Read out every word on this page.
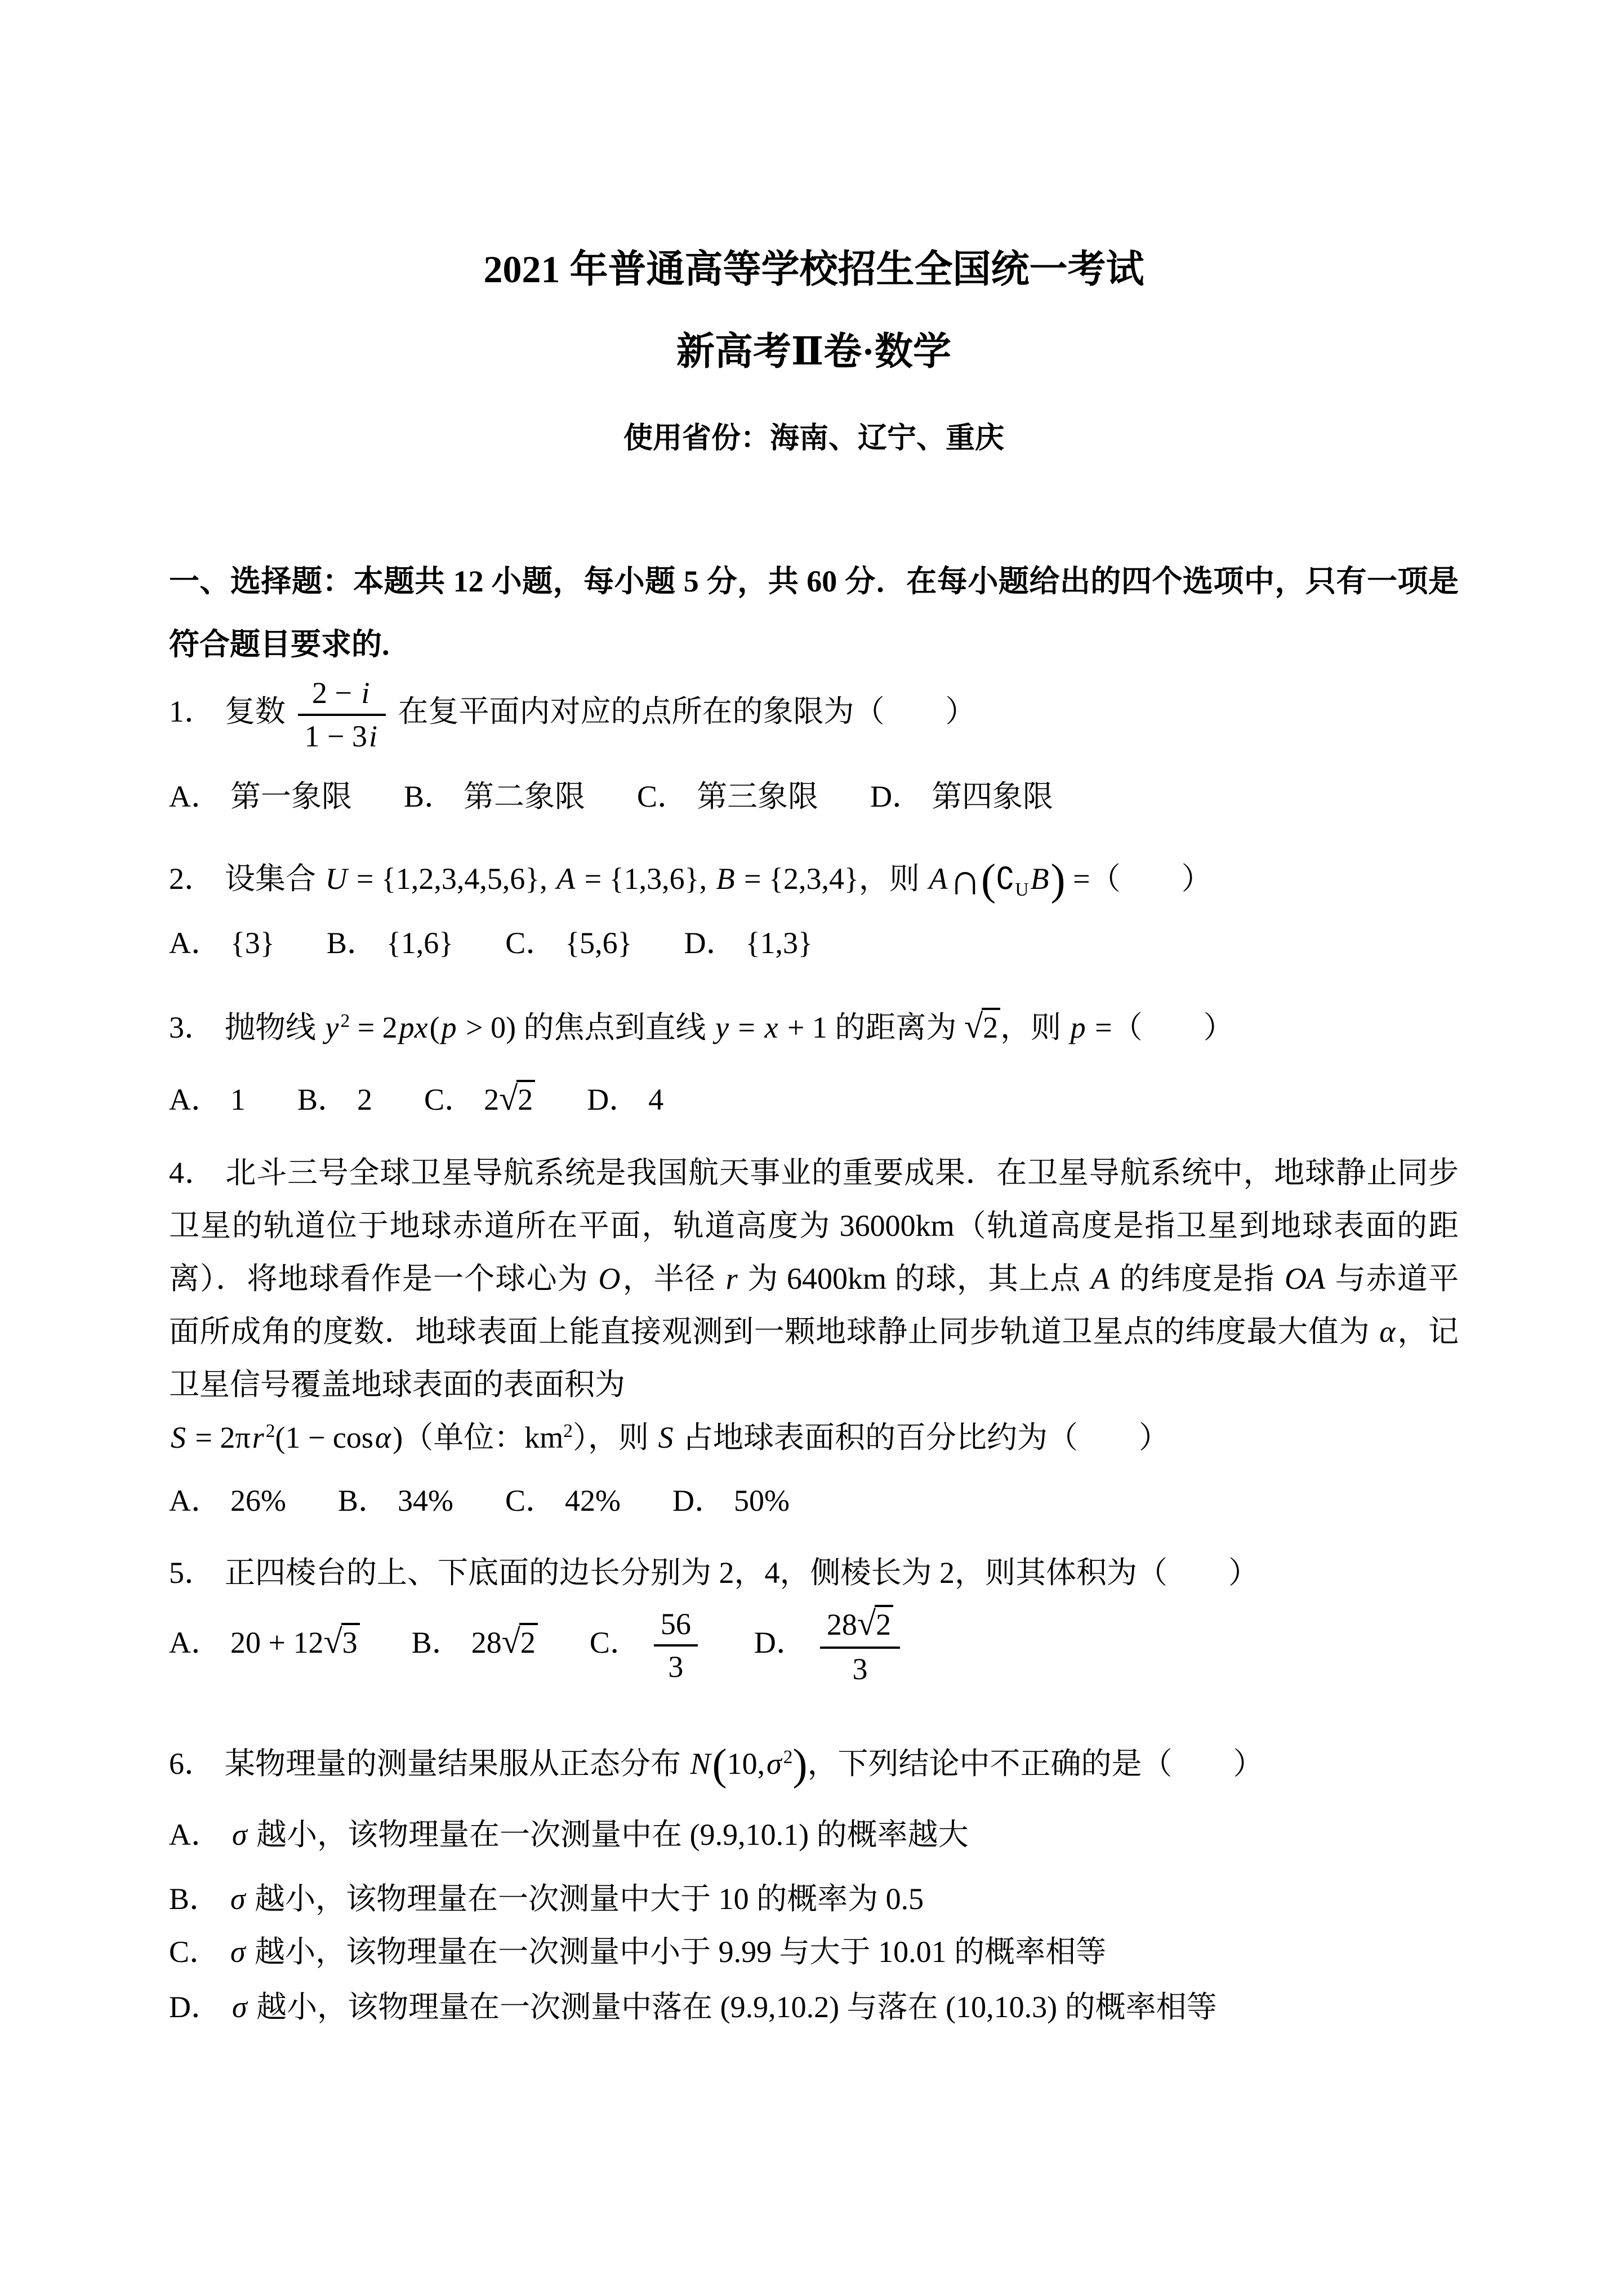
2021 年普通高等学校招生全国统一考试
新高考Ⅱ卷·数学
使用省份：海南、辽宁、重庆

一、选择题：本题共 12 小题，每小题 5 分，共 60 分．在每小题给出的四个选项中，只有一项是符合题目要求的.

1． 复数 $\frac{2 - i}{1 - 3i}$ 在复平面内对应的点所在的象限为（　　）
A． 第一象限 B． 第二象限 C． 第三象限 D． 第四象限
2． 设集合 U = {1,2,3,4,5,6}, A = {1,3,6}, B = {2,3,4}，则 $A\cap(∁_UB)$ =（　　）
A． {3} B． {1,6} C． {5,6} D． {1,3}
3． 抛物线 $y^2 = 2px(p > 0)$ 的焦点到直线 y = x + 1 的距离为 √2，则 p =（　　）
A． 1 B． 2 C． 2√2 D． 4
4． 北斗三号全球卫星导航系统是我国航天事业的重要成果．在卫星导航系统中，地球静止同步卫星的轨道位于地球赤道所在平面，轨道高度为 36000km（轨道高度是指卫星到地球表面的距离）．将地球看作是一个球心为 O，半径 r 为 6400km 的球，其上点 A 的纬度是指 OA 与赤道平面所成角的度数．地球表面上能直接观测到一颗地球静止同步轨道卫星点的纬度最大值为 α，记卫星信号覆盖地球表面的表面积为
$S = 2\pi r^2(1 - \cos\alpha)$（单位：$km^2$），则 S 占地球表面积的百分比约为（　　）
A． 26% B． 34% C． 42% D． 50%
5． 正四棱台的上、下底面的边长分别为 2，4，侧棱长为 2，则其体积为（　　）
A． 20 + 12√3 B． 28√2 C． $\frac{56}{3}$ D． $\frac{28√2}{3}$
6． 某物理量的测量结果服从正态分布 $N(10,\sigma^2)$，下列结论中不正确的是（　　）
A． σ 越小，该物理量在一次测量中在 (9.9,10.1) 的概率越大
B． σ 越小，该物理量在一次测量中大于 10 的概率为 0.5
C． σ 越小，该物理量在一次测量中小于 9.99 与大于 10.01 的概率相等
D． σ 越小，该物理量在一次测量中落在 (9.9,10.2) 与落在 (10,10.3) 的概率相等
